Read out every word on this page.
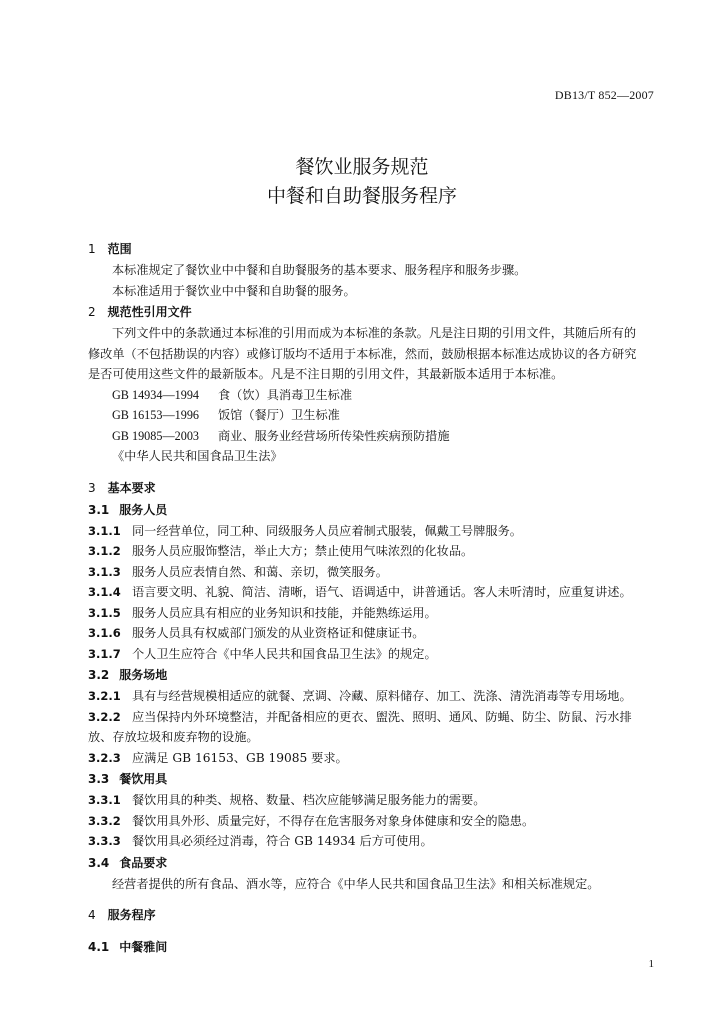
DB13/T 852—2007
餐饮业服务规范
中餐和自助餐服务程序
1 范围
本标准规定了餐饮业中中餐和自助餐服务的基本要求、服务程序和服务步骤。
本标准适用于餐饮业中中餐和自助餐的服务。
2 规范性引用文件
下列文件中的条款通过本标准的引用而成为本标准的条款。凡是注日期的引用文件，其随后所有的
修改单（不包括勘误的内容）或修订版均不适用于本标准，然而，鼓励根据本标准达成协议的各方研究
是否可使用这些文件的最新版本。凡是不注日期的引用文件，其最新版本适用于本标准。
GB 14934—1994 食（饮）具消毒卫生标准
GB 16153—1996 饭馆（餐厅）卫生标准
GB 19085—2003 商业、服务业经营场所传染性疾病预防措施
《中华人民共和国食品卫生法》
3 基本要求
3.1 服务人员
3.1.1 同一经营单位，同工种、同级服务人员应着制式服装，佩戴工号牌服务。
3.1.2 服务人员应服饰整洁，举止大方；禁止使用气味浓烈的化妆品。
3.1.3 服务人员应表情自然、和蔼、亲切，微笑服务。
3.1.4 语言要文明、礼貌、简洁、清晰，语气、语调适中，讲普通话。客人未听清时，应重复讲述。
3.1.5 服务人员应具有相应的业务知识和技能，并能熟练运用。
3.1.6 服务人员具有权威部门颁发的从业资格证和健康证书。
3.1.7 个人卫生应符合《中华人民共和国食品卫生法》的规定。
3.2 服务场地
3.2.1 具有与经营规模相适应的就餐、烹调、冷藏、原料储存、加工、洗涤、清洗消毒等专用场地。
3.2.2 应当保持内外环境整洁，并配备相应的更衣、盥洗、照明、通风、防蝇、防尘、防鼠、污水排
放、存放垃圾和废弃物的设施。
3.2.3 应满足 GB 16153、GB 19085 要求。
3.3 餐饮用具
3.3.1 餐饮用具的种类、规格、数量、档次应能够满足服务能力的需要。
3.3.2 餐饮用具外形、质量完好，不得存在危害服务对象身体健康和安全的隐患。
3.3.3 餐饮用具必须经过消毒，符合 GB 14934 后方可使用。
3.4 食品要求
经营者提供的所有食品、酒水等，应符合《中华人民共和国食品卫生法》和相关标准规定。
4 服务程序
4.1 中餐雅间
1
